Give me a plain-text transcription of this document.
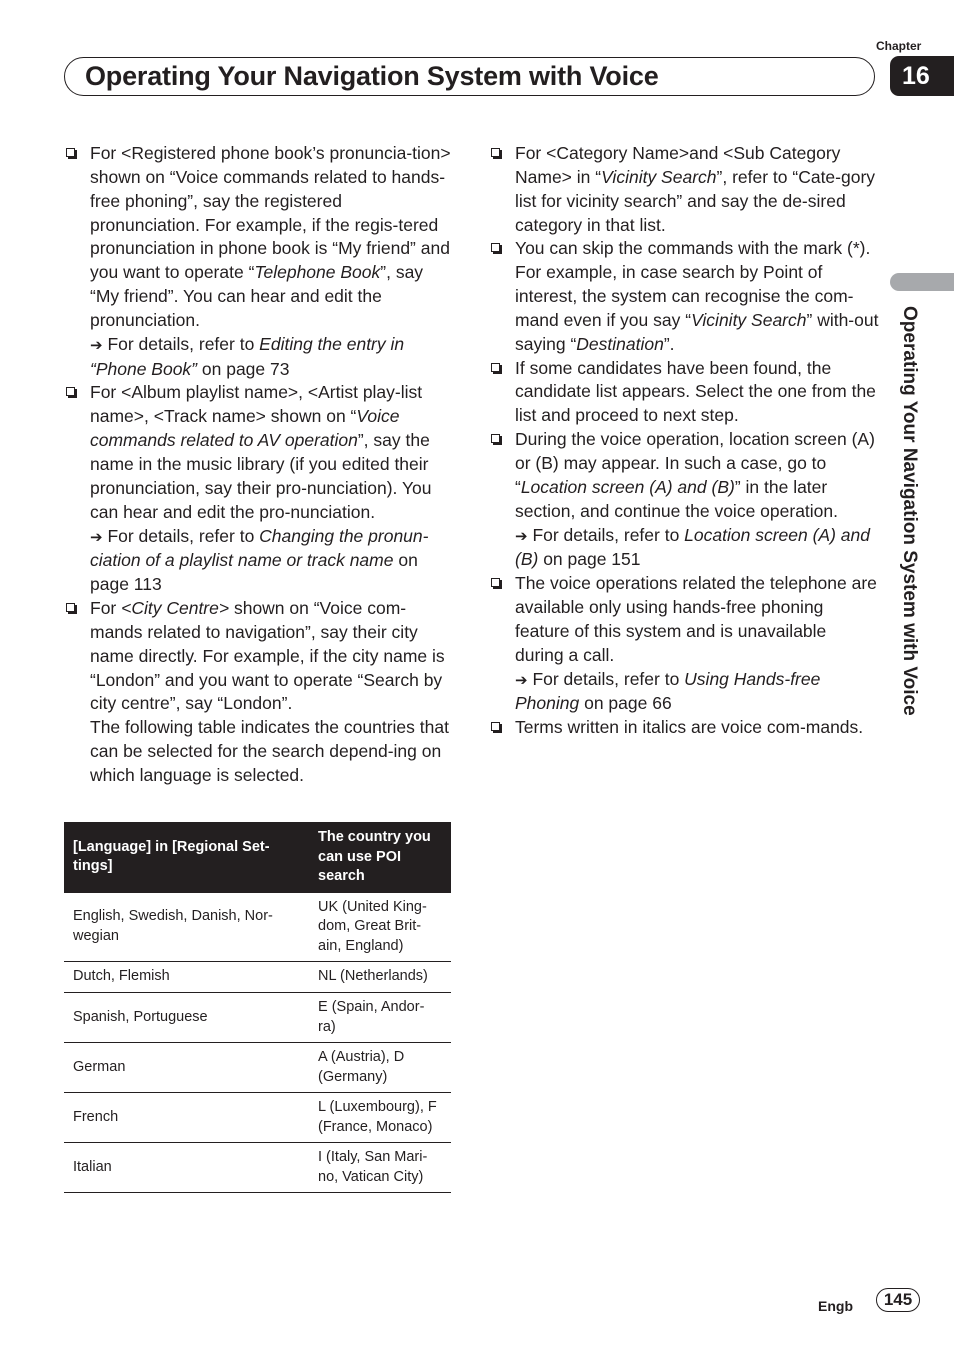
Chapter
16
Operating Your Navigation System with Voice
Operating Your Navigation System with Voice
For <Registered phone book’s pronuncia-tion> shown on “Voice commands related to hands-free phoning”, say the registered pronunciation. For example, if the regis-tered pronunciation in phone book is “My friend” and you want to operate “Telephone Book”, say “My friend”. You can hear and edit the pronunciation.
➔ For details, refer to Editing the entry in “Phone Book” on page 73
For <Album playlist name>, <Artist play-list name>, <Track name> shown on “Voice commands related to AV operation”, say the name in the music library (if you edited their pronunciation, say their pro-nunciation). You can hear and edit the pro-nunciation.
➔ For details, refer to Changing the pronun-ciation of a playlist name or track name on page 113
For <City Centre> shown on “Voice com-mands related to navigation”, say their city name directly. For example, if the city name is “London” and you want to operate “Search by city centre”, say “London”.
The following table indicates the countries that can be selected for the search depend-ing on which language is selected.
For <Category Name>and <Sub Category Name> in “Vicinity Search”, refer to “Cate-gory list for vicinity search” and say the de-sired category in that list.
You can skip the commands with the mark (*). For example, in case search by Point of interest, the system can recognise the com-mand even if you say “Vicinity Search” with-out saying “Destination”.
If some candidates have been found, the candidate list appears. Select the one from the list and proceed to next step.
During the voice operation, location screen (A) or (B) may appear. In such a case, go to “Location screen (A) and (B)” in the later section, and continue the voice operation.
➔ For details, refer to Location screen (A) and (B) on page 151
The voice operations related the telephone are available only using hands-free phoning feature of this system and is unavailable during a call.
➔ For details, refer to Using Hands-free Phoning on page 66
Terms written in italics are voice com-mands.
[Language] in [Regional Set-tings]	The country you can use POI search
English, Swedish, Danish, Nor-wegian	UK (United King-dom, Great Brit-ain, England)
Dutch, Flemish	NL (Netherlands)
Spanish, Portuguese	E (Spain, Andor-ra)
German	A (Austria), D (Germany)
French	L (Luxembourg), F (France, Monaco)
Italian	I (Italy, San Mari-no, Vatican City)
Engb	145
